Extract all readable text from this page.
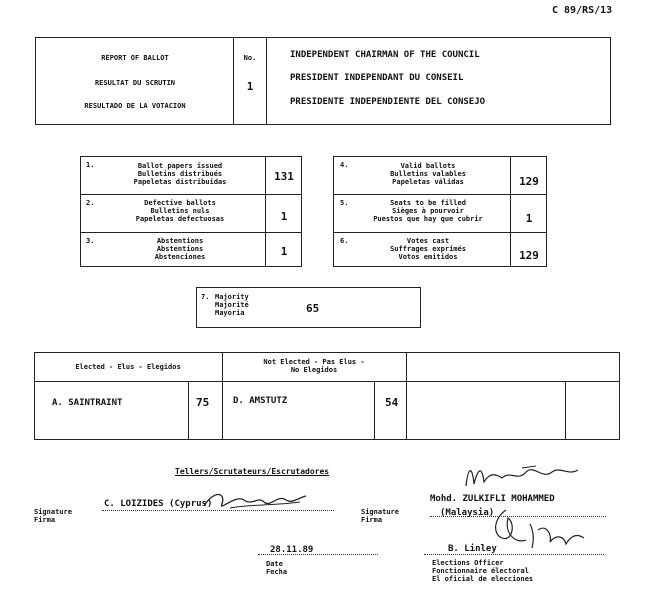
C 89/RS/13
REPORT OF BALLOT
RESULTAT DU SCRUTIN
RESULTADO DE LA VOTACION
No.
1
INDEPENDENT CHAIRMAN OF THE COUNCIL
PRESIDENT INDEPENDANT DU CONSEIL
PRESIDENTE INDEPENDIENTE DEL CONSEJO
1.	Ballot papers issued
Bulletins distribués
Papeletas distribuidas	131
2.	Defective ballots
Bulletins nuls
Papeletas defectuosas	1
3.	Abstentions
Abstentions
Abstenciones	1
4.	Valid ballots
Bulletins valables
Papeletas válidas	129
5.	Seats to be filled
Sièges à pourvoir
Puestos que hay que cubrir	1
6.	Votes cast
Suffrages exprimés
Votos emitidos	129
7. Majority
Majorité
Mayoria	65
Elected - Elus - Elegidos
Not Elected - Pas Elus -
No Elegidos
A. SAINTRAINT	75	D. AMSTUTZ	54
Tellers/Scrutateurs/Escrutadores
Signature
Firma
C. LOIZIDES (Cyprus)
Signature
Firma
Mohd. ZULKIFLI MOHAMMED
(Malaysia)
28.11.89
Date
Fecha
B. Linley
Elections Officer
Fonctionnaire électoral
El oficial de elecciones
